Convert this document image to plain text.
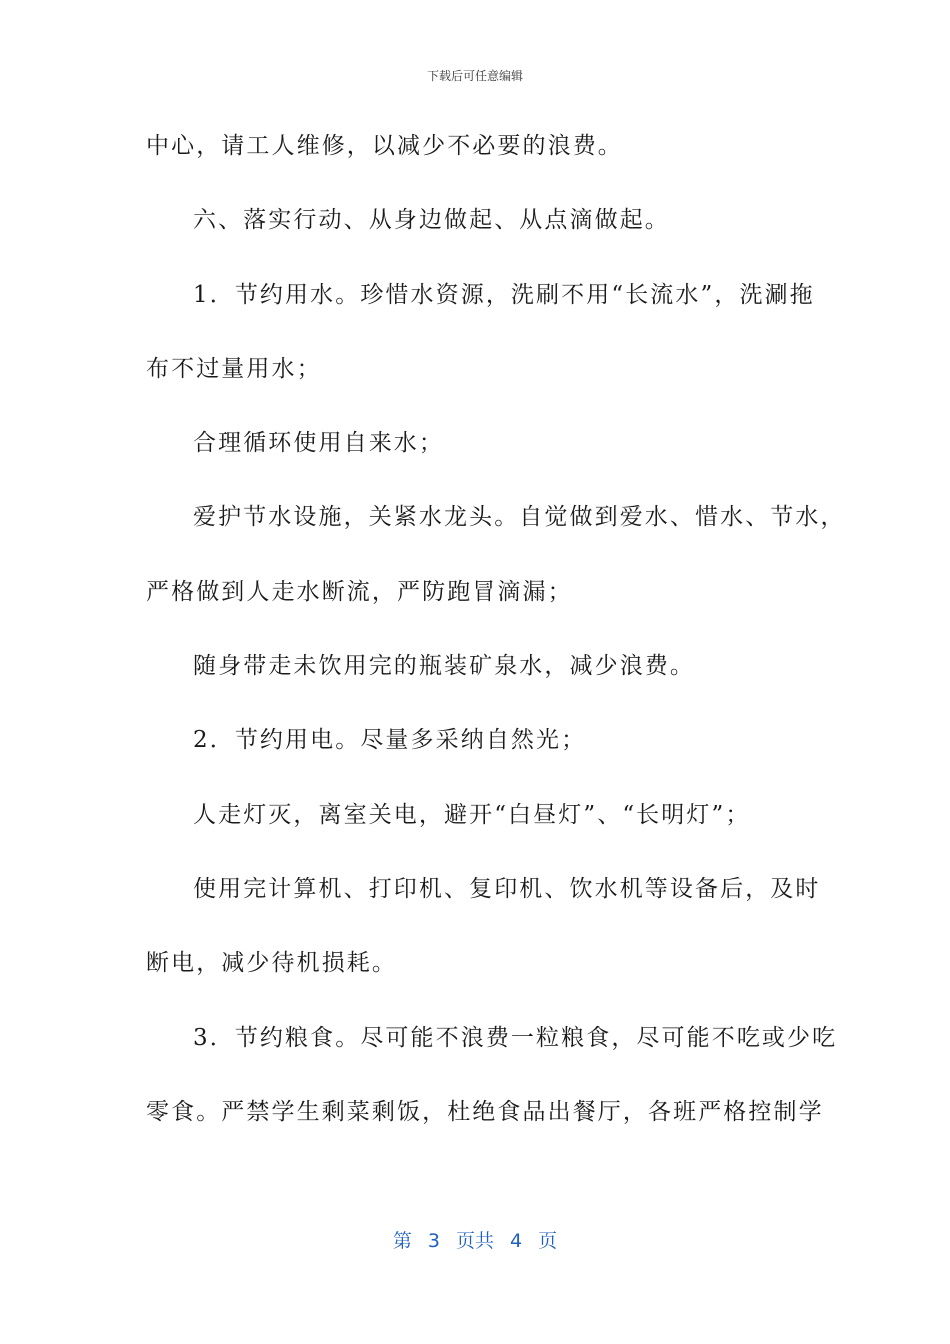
下载后可任意编辑
中心，请工人维修，以减少不必要的浪费。
六、落实行动、从身边做起、从点滴做起。
1．节约用水。珍惜水资源，洗刷不用“长流水”，洗涮拖
布不过量用水；
合理循环使用自来水；
爱护节水设施，关紧水龙头。自觉做到爱水、惜水、节水，
严格做到人走水断流，严防跑冒滴漏；
随身带走未饮用完的瓶装矿泉水，减少浪费。
2．节约用电。尽量多采纳自然光；
人走灯灭，离室关电，避开“白昼灯”、“长明灯”；
使用完计算机、打印机、复印机、饮水机等设备后，及时
断电，减少待机损耗。
3．节约粮食。尽可能不浪费一粒粮食，尽可能不吃或少吃
零食。严禁学生剩菜剩饭，杜绝食品出餐厅，各班严格控制学
第 3 页共 4 页
